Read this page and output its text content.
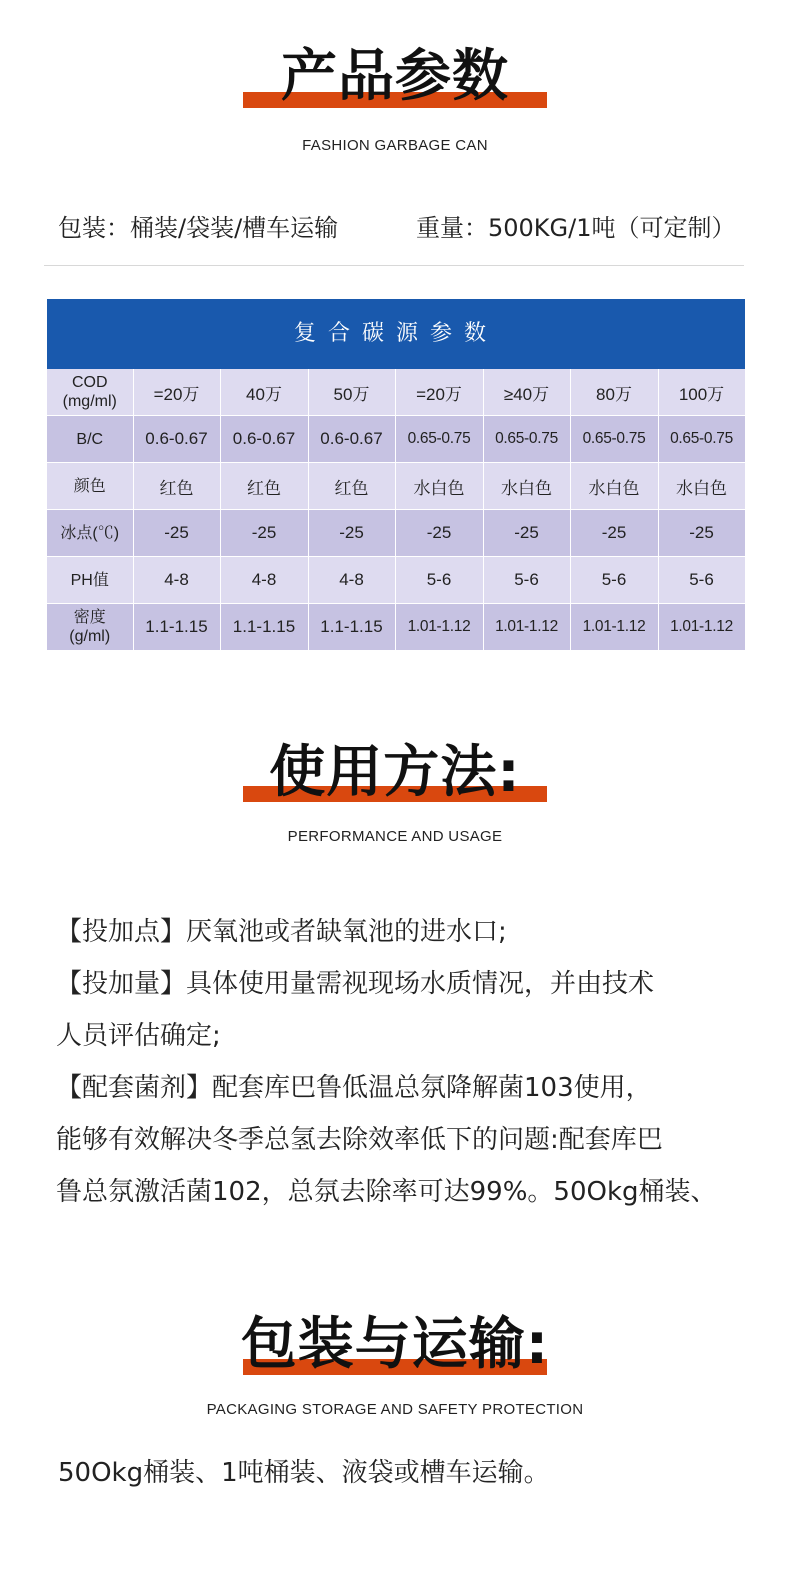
产品参数
FASHION GARBAGE CAN
包装：桶装/袋装/槽车运输	重量：500KG/1吨（可定制）
复合碳源参数
COD
(mg/ml)	=20万	40万	50万	=20万	≥40万	80万	100万

B/C	0.6-0.67	0.6-0.67	0.6-0.67	0.65-0.75	0.65-0.75	0.65-0.75	0.65-0.75

颜色	红色	红色	红色	水白色	水白色	水白色	水白色

冰点(℃)	-25	-25	-25	-25	-25	-25	-25

PH值	4-8	4-8	4-8	5-6	5-6	5-6	5-6

密度
(g/ml)	1.1-1.15	1.1-1.15	1.1-1.15	1.01-1.12	1.01-1.12	1.01-1.12	1.01-1.12
使用方法:
PERFORMANCE AND USAGE

【投加点】厌氧池或者缺氧池的进水口;

【投加量】具体使用量需视现场水质情况，并由技术

人员评估确定;

【配套菌剂】配套库巴鲁低温总氛降解菌103使用，

能够有效解决冬季总氢去除效率低下的问题:配套库巴

鲁总氛激活菌102，总氛去除率可达99%。50Okg桶装、

包装与运输:
PACKAGING STORAGE AND SAFETY PROTECTION
50Okg桶装、1吨桶装、液袋或槽车运输。
